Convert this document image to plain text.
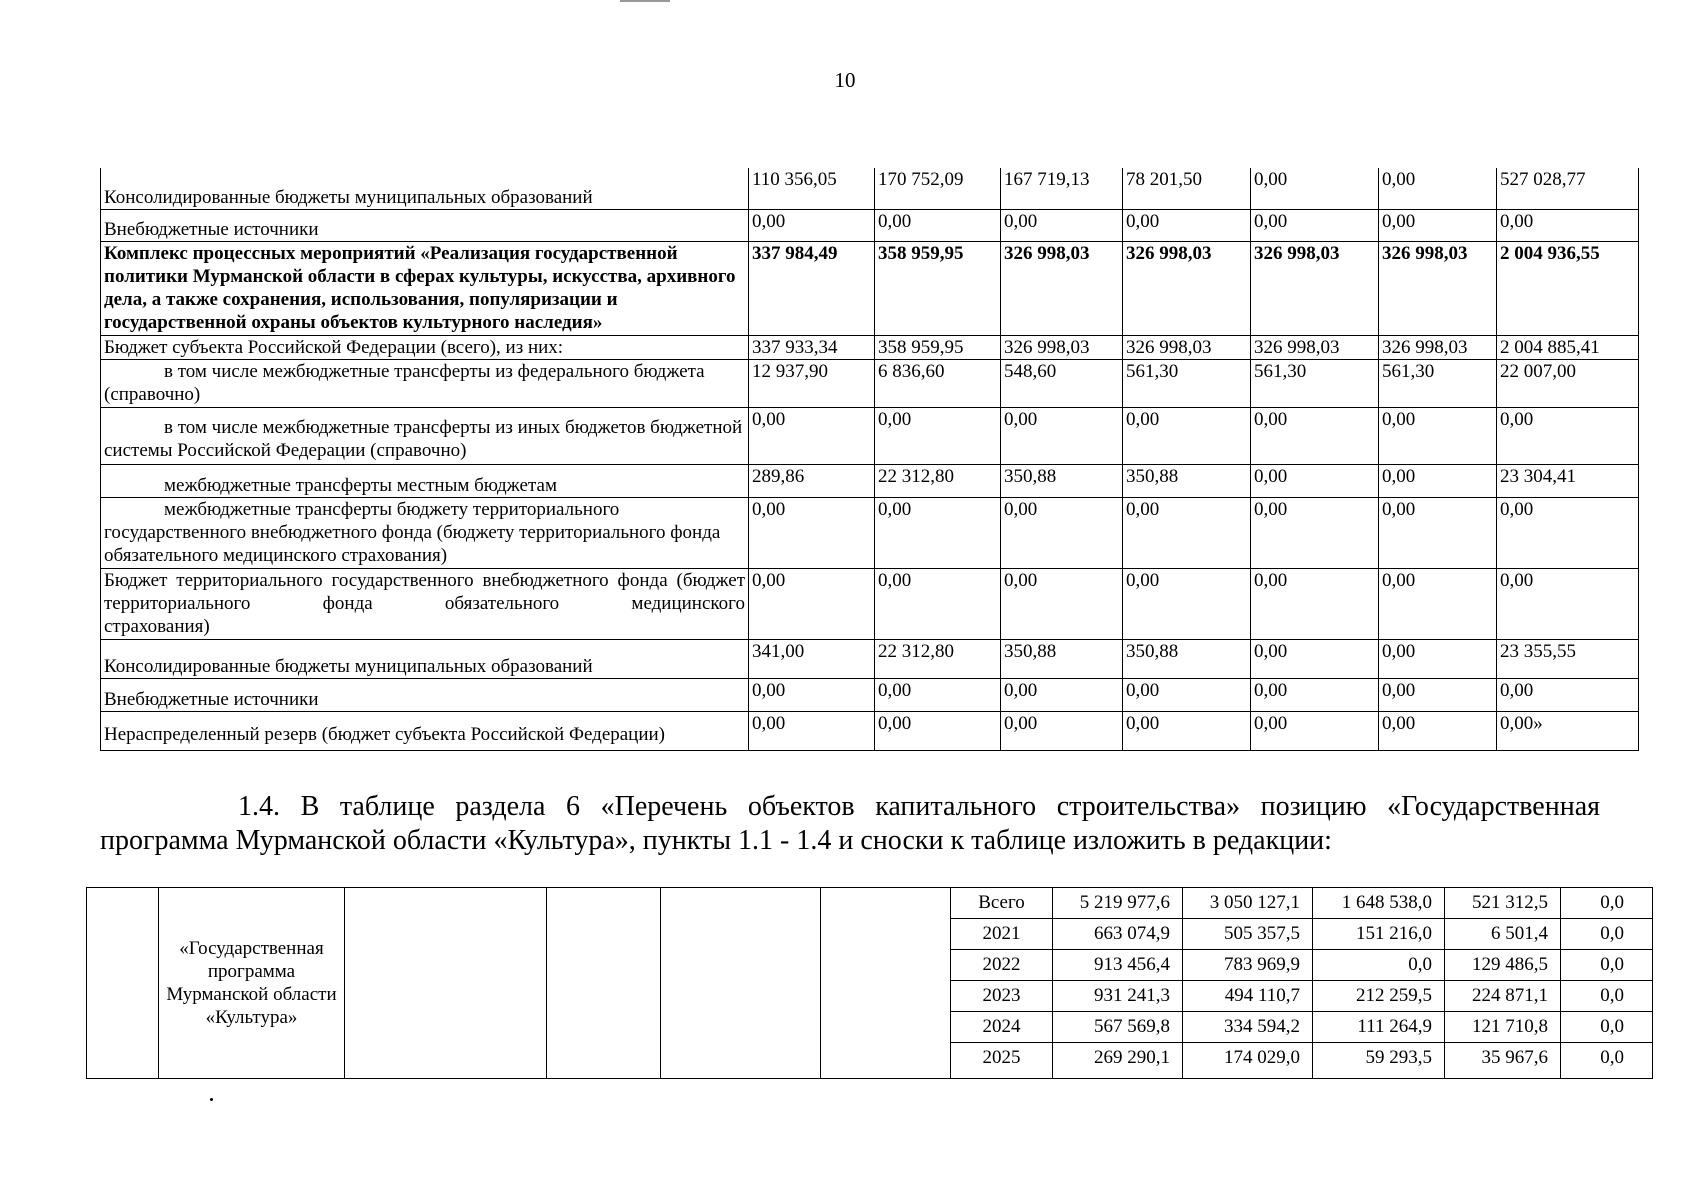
10
Консолидированные бюджеты муниципальных образований	110 356,05	170 752,09	167 719,13	78 201,50	0,00	0,00	527 028,77
Внебюджетные источники	0,00	0,00	0,00	0,00	0,00	0,00	0,00
Комплекс процессных мероприятий «Реализация государственной политики Мурманской области в сферах культуры, искусства, архивного дела, а также сохранения, использования, популяризации и государственной охраны объектов культурного наследия»	337 984,49	358 959,95	326 998,03	326 998,03	326 998,03	326 998,03	2 004 936,55
Бюджет субъекта Российской Федерации (всего), из них:	337 933,34	358 959,95	326 998,03	326 998,03	326 998,03	326 998,03	2 004 885,41
в том числе межбюджетные трансферты из федерального бюджета (справочно)	12 937,90	6 836,60	548,60	561,30	561,30	561,30	22 007,00
в том числе межбюджетные трансферты из иных бюджетов бюджетной системы Российской Федерации (справочно)	0,00	0,00	0,00	0,00	0,00	0,00	0,00
межбюджетные трансферты местным бюджетам	289,86	22 312,80	350,88	350,88	0,00	0,00	23 304,41
межбюджетные трансферты бюджету территориального государственного внебюджетного фонда (бюджету территориального фонда обязательного медицинского страхования)	0,00	0,00	0,00	0,00	0,00	0,00	0,00

Бюджет территориального государственного внебюджетного фонда (бюджет территориального фонда обязательного медицинского
страхования)	0,00	0,00	0,00	0,00	0,00	0,00	0,00
Консолидированные бюджеты муниципальных образований	341,00	22 312,80	350,88	350,88	0,00	0,00	23 355,55
Внебюджетные источники	0,00	0,00	0,00	0,00	0,00	0,00	0,00
Нераспределенный резерв (бюджет субъекта Российской Федерации)	0,00	0,00	0,00	0,00	0,00	0,00	0,00»
1.4. В таблице раздела 6 «Перечень объектов капитального строительства» позицию «Государственная
программа Мурманской области «Культура», пункты 1.1 - 1.4 и сноски к таблице изложить в редакции:
	«Государственная программа Мурманской области «Культура»					Всего	5 219 977,6	3 050 127,1	1 648 538,0	521 312,5	0,0
						2021	663 074,9	505 357,5	151 216,0	6 501,4	0,0
						2022	913 456,4	783 969,9	0,0	129 486,5	0,0
						2023	931 241,3	494 110,7	212 259,5	224 871,1	0,0
						2024	567 569,8	334 594,2	111 264,9	121 710,8	0,0
						2025	269 290,1	174 029,0	59 293,5	35 967,6	0,0
